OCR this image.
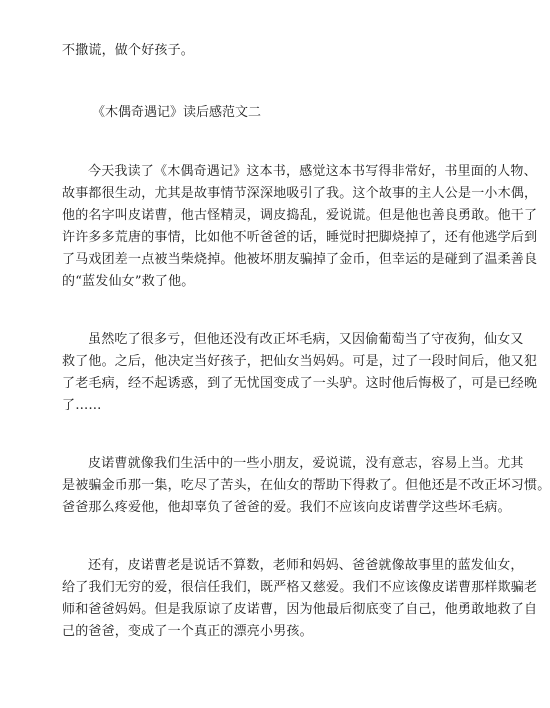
不撒谎，做个好孩子。
《木偶奇遇记》读后感范文二
今天我读了《木偶奇遇记》这本书，感觉这本书写得非常好，书里面的人物、
故事都很生动，尤其是故事情节深深地吸引了我。这个故事的主人公是一小木偶，
他的名字叫皮诺曹，他古怪精灵，调皮捣乱，爱说谎。但是他也善良勇敢。他干了
许许多多荒唐的事情，比如他不听爸爸的话，睡觉时把脚烧掉了，还有他逃学后到
了马戏团差一点被当柴烧掉。他被坏朋友骗掉了金币，但幸运的是碰到了温柔善良
的“蓝发仙女”救了他。
虽然吃了很多亏，但他还没有改正坏毛病，又因偷葡萄当了守夜狗，仙女又
救了他。之后，他决定当好孩子，把仙女当妈妈。可是，过了一段时间后，他又犯
了老毛病，经不起诱惑，到了无忧国变成了一头驴。这时他后悔极了，可是已经晚
了……
皮诺曹就像我们生活中的一些小朋友，爱说谎，没有意志，容易上当。尤其
是被骗金币那一集，吃尽了苦头，在仙女的帮助下得救了。但他还是不改正坏习惯。
爸爸那么疼爱他，他却辜负了爸爸的爱。我们不应该向皮诺曹学这些坏毛病。
还有，皮诺曹老是说话不算数，老师和妈妈、爸爸就像故事里的蓝发仙女，
给了我们无穷的爱，很信任我们，既严格又慈爱。我们不应该像皮诺曹那样欺骗老
师和爸爸妈妈。但是我原谅了皮诺曹，因为他最后彻底变了自己，他勇敢地救了自
己的爸爸，变成了一个真正的漂亮小男孩。
